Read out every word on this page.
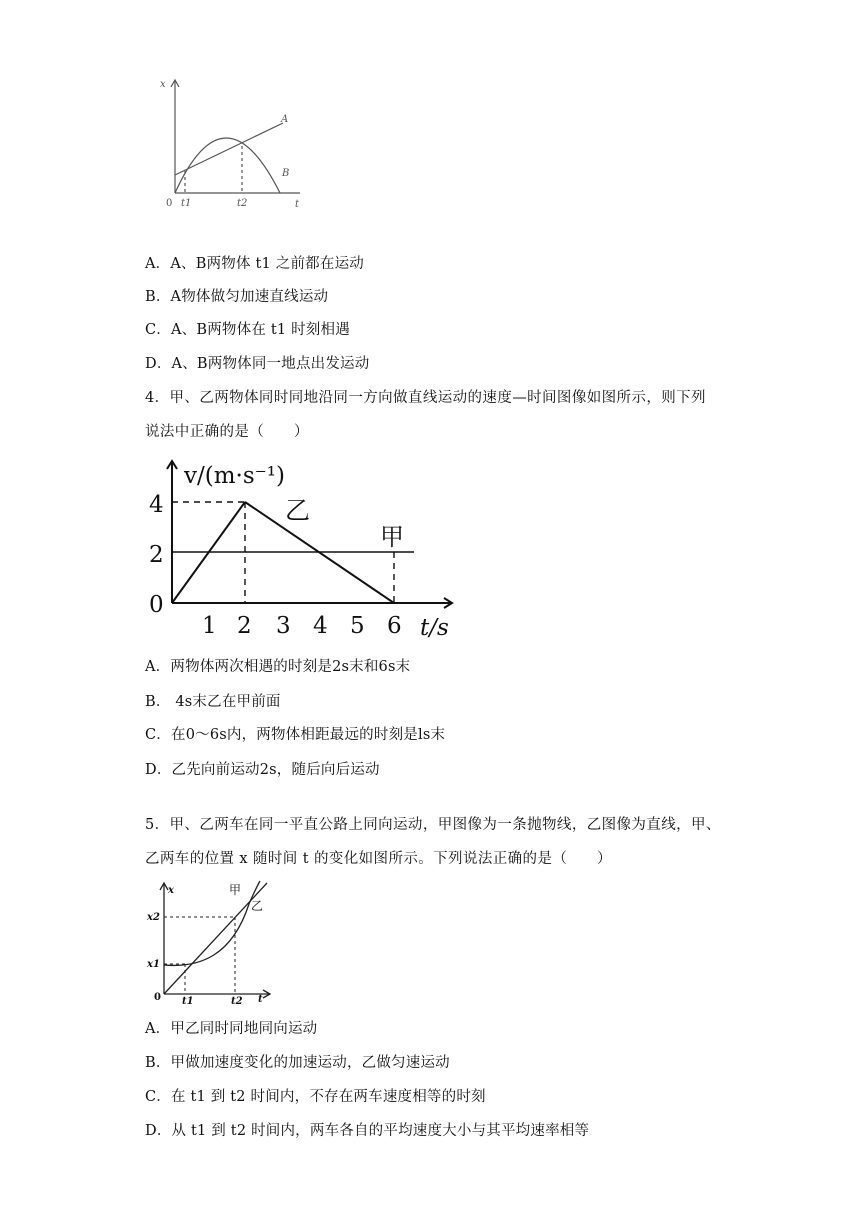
x
A
B
t
t1	t2
0
A．A、B两物体 t1 之前都在运动
B．A物体做匀加速直线运动
C．A、B两物体在 t1 时刻相遇
D．A、B两物体同一地点出发运动
4．甲、乙两物体同时同地沿同一方向做直线运动的速度—时间图像如图所示，则下列
说法中正确的是（　　）
v/(m·s⁻¹)
4
2
0
1 2 3 4 5 6 t/s
乙
甲
A．两物体两次相遇的时刻是2s末和6s末
B． 4s末乙在甲前面
C．在0～6s内，两物体相距最远的时刻是ls末
D．乙先向前运动2s，随后向后运动
5．甲、乙两车在同一平直公路上同向运动，甲图像为一条抛物线，乙图像为直线，甲、
乙两车的位置 x 随时间 t 的变化如图所示。下列说法正确的是（　　）
x
x2
x1
0 t1	t2 t
甲
乙
A．甲乙同时同地同向运动
B．甲做加速度变化的加速运动，乙做匀速运动
C．在 t1 到 t2 时间内，不存在两车速度相等的时刻
D．从 t1 到 t2 时间内，两车各自的平均速度大小与其平均速率相等
